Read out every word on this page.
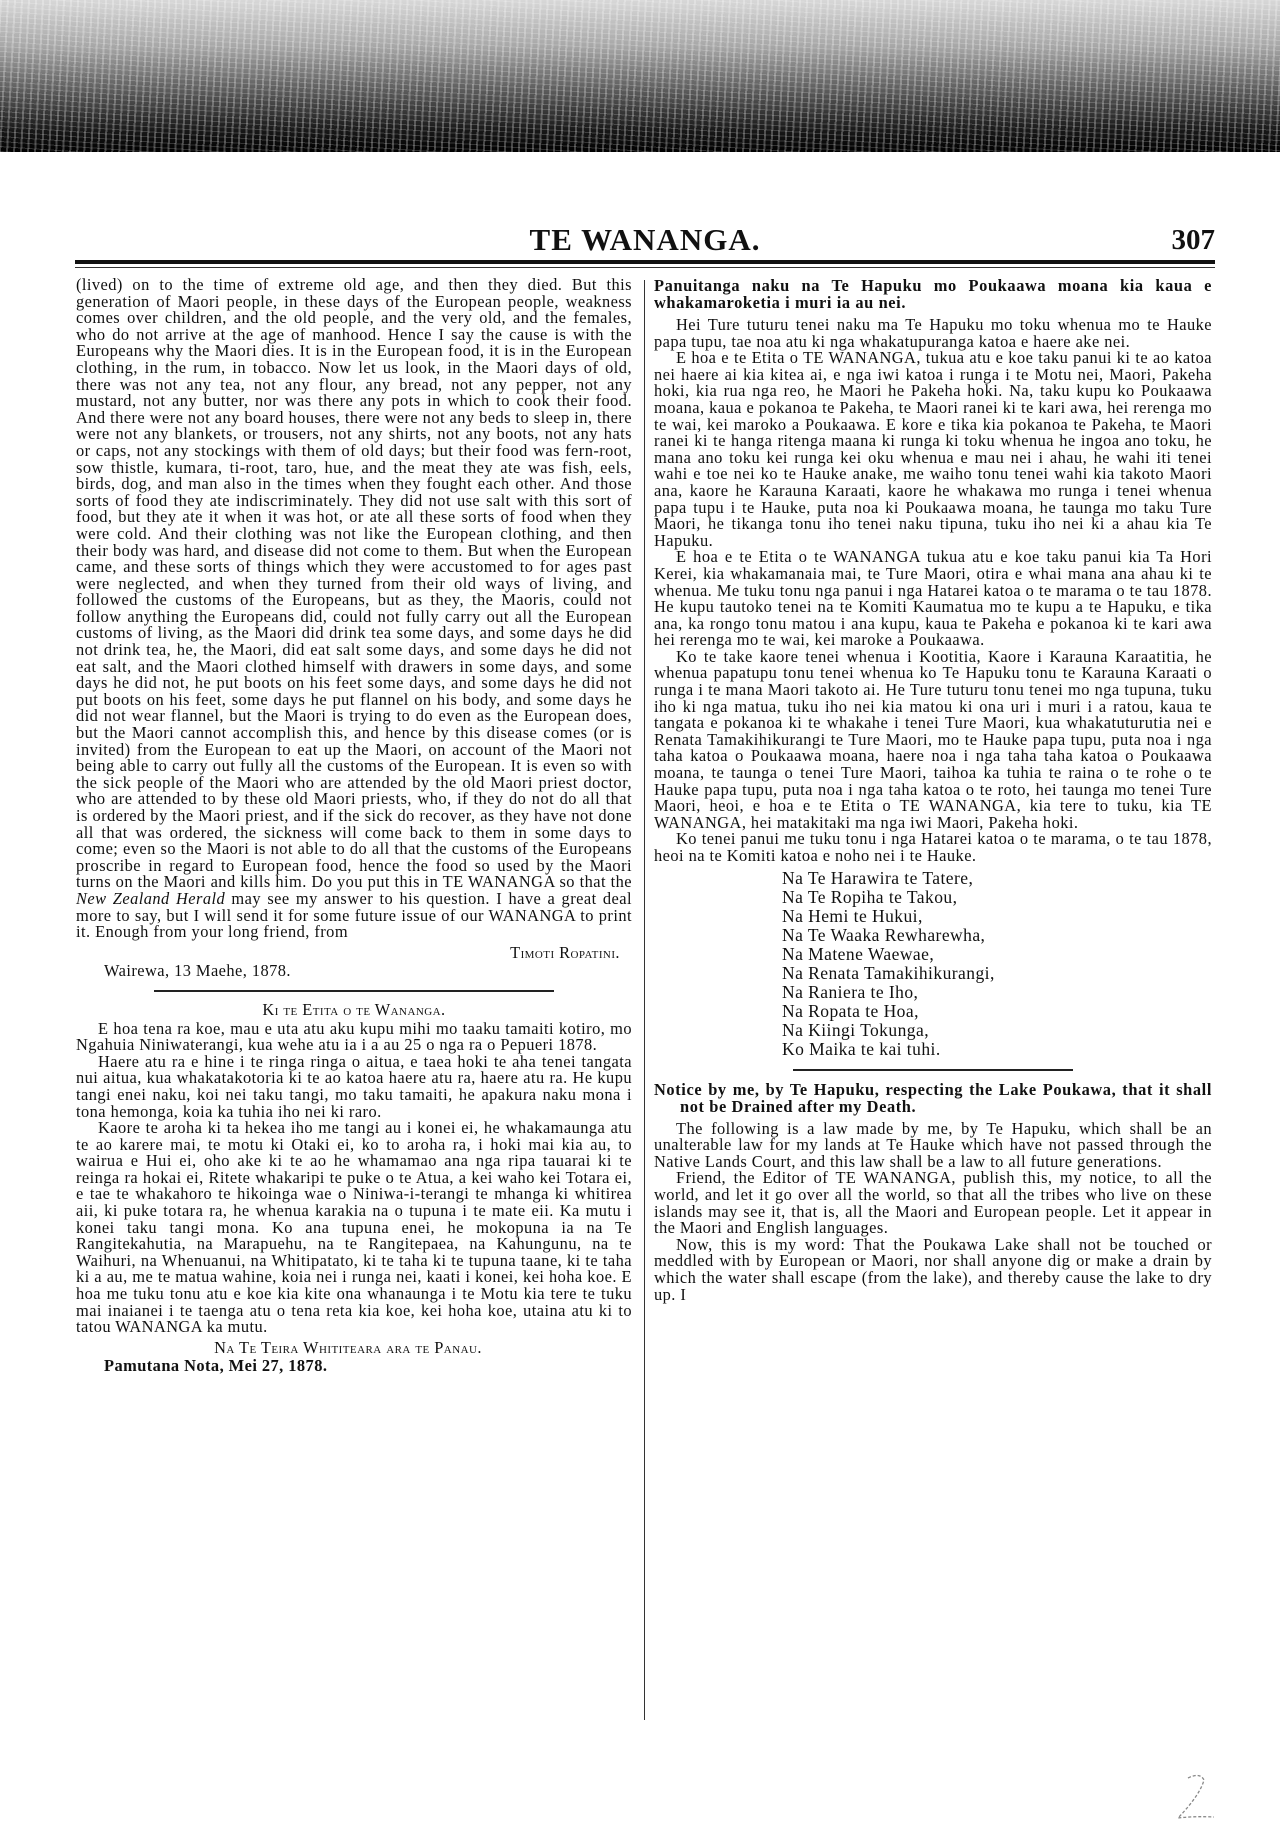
TE WANANGA.	307

(lived) on to the time of extreme old age, and then they died. But this generation of Maori people, in these days of the European people, weakness comes over children, and the old people, and the very old, and the females, who do not arrive at the age of manhood. Hence I say the cause is with the Europeans why the Maori dies. It is in the European food, it is in the European clothing, in the rum, in tobacco. Now let us look, in the Maori days of old, there was not any tea, not any flour, any bread, not any pepper, not any mustard, not any butter, nor was there any pots in which to cook their food. And there were not any board houses, there were not any beds to sleep in, there were not any blankets, or trousers, not any shirts, not any boots, not any hats or caps, not any stockings with them of old days; but their food was fern-root, sow thistle, kumara, ti-root, taro, hue, and the meat they ate was fish, eels, birds, dog, and man also in the times when they fought each other. And those sorts of food they ate indiscriminately. They did not use salt with this sort of food, but they ate it when it was hot, or ate all these sorts of food when they were cold. And their clothing was not like the European clothing, and then their body was hard, and disease did not come to them. But when the European came, and these sorts of things which they were accustomed to for ages past were neglected, and when they turned from their old ways of living, and followed the customs of the Europeans, but as they, the Maoris, could not follow anything the Europeans did, could not fully carry out all the European customs of living, as the Maori did drink tea some days, and some days he did not drink tea, he, the Maori, did eat salt some days, and some days he did not eat salt, and the Maori clothed himself with drawers in some days, and some days he did not, he put boots on his feet some days, and some days he did not put boots on his feet, some days he put flannel on his body, and some days he did not wear flannel, but the Maori is trying to do even as the European does, but the Maori cannot accomplish this, and hence by this disease comes (or is invited) from the European to eat up the Maori, on account of the Maori not being able to carry out fully all the customs of the European. It is even so with the sick people of the Maori who are attended by the old Maori priest doctor, who are attended to by these old Maori priests, who, if they do not do all that is ordered by the Maori priest, and if the sick do recover, as they have not done all that was ordered, the sickness will come back to them in some days to come; even so the Maori is not able to do all that the customs of the Europeans proscribe in regard to European food, hence the food so used by the Maori turns on the Maori and kills him. Do you put this in TE WANANGA so that the New Zealand Herald may see my answer to his question. I have a great deal more to say, but I will send it for some future issue of our WANANGA to print it. Enough from your long friend, from

Timoti Ropatini.

Wairewa, 13 Maehe, 1878.

Ki te Etita o te Wananga.

E hoa tena ra koe, mau e uta atu aku kupu mihi mo taaku tamaiti kotiro, mo Ngahuia Niniwaterangi, kua wehe atu ia i a au 25 o nga ra o Pepueri 1878.

Haere atu ra e hine i te ringa ringa o aitua, e taea hoki te aha tenei tangata nui aitua, kua whakatakotoria ki te ao katoa haere atu ra, haere atu ra. He kupu tangi enei naku, koi nei taku tangi, mo taku tamaiti, he apakura naku mona i tona hemonga, koia ka tuhia iho nei ki raro.

Kaore te aroha ki ta hekea iho me tangi au i konei ei, he whakamaunga atu te ao karere mai, te motu ki Otaki ei, ko to aroha ra, i hoki mai kia au, to wairua e Hui ei, oho ake ki te ao he whamamao ana nga ripa tauarai ki te reinga ra hokai ei, Ritete whakaripi te puke o te Atua, a kei waho kei Totara ei, e tae te whakahoro te hikoinga wae o Niniwa-i-terangi te mhanga ki whitirea aii, ki puke totara ra, he whenua karakia na o tupuna i te mate eii. Ka mutu i konei taku tangi mona. Ko ana tupuna enei, he mokopuna ia na Te Rangitekahutia, na Marapuehu, na te Rangitepaea, na Kahungunu, na te Waihuri, na Whenuanui, na Whitipatato, ki te taha ki te tupuna taane, ki te taha ki a au, me te matua wahine, koia nei i runga nei, kaati i konei, kei hoha koe. E hoa me tuku tonu atu e koe kia kite ona whanaunga i te Motu kia tere te tuku mai inaianei i te taenga atu o tena reta kia koe, kei hoha koe, utaina atu ki to tatou WANANGA ka mutu.

Na Te Teira Whititeara ara te Panau.

Pamutana Nota, Mei 27, 1878.

Panuitanga naku na Te Hapuku mo Poukaawa moana kia kaua e whakamaroketia i muri ia au nei.

Hei Ture tuturu tenei naku ma Te Hapuku mo toku whenua mo te Hauke papa tupu, tae noa atu ki nga whakatupuranga katoa e haere ake nei.

E hoa e te Etita o TE WANANGA, tukua atu e koe taku panui ki te ao katoa nei haere ai kia kitea ai, e nga iwi katoa i runga i te Motu nei, Maori, Pakeha hoki, kia rua nga reo, he Maori he Pakeha hoki. Na, taku kupu ko Poukaawa moana, kaua e pokanoa te Pakeha, te Maori ranei ki te kari awa, hei rerenga mo te wai, kei maroko a Poukaawa. E kore e tika kia pokanoa te Pakeha, te Maori ranei ki te hanga ritenga maana ki runga ki toku whenua he ingoa ano toku, he mana ano toku kei runga kei oku whenua e mau nei i ahau, he wahi iti tenei wahi e toe nei ko te Hauke anake, me waiho tonu tenei wahi kia takoto Maori ana, kaore he Karauna Karaati, kaore he whakawa mo runga i tenei whenua papa tupu i te Hauke, puta noa ki Poukaawa moana, he taunga mo taku Ture Maori, he tikanga tonu iho tenei naku tipuna, tuku iho nei ki a ahau kia Te Hapuku.

E hoa e te Etita o te WANANGA tukua atu e koe taku panui kia Ta Hori Kerei, kia whakamanaia mai, te Ture Maori, otira e whai mana ana ahau ki te whenua. Me tuku tonu nga panui i nga Hatarei katoa o te marama o te tau 1878. He kupu tautoko tenei na te Komiti Kaumatua mo te kupu a te Hapuku, e tika ana, ka rongo tonu matou i ana kupu, kaua te Pakeha e pokanoa ki te kari awa hei rerenga mo te wai, kei maroke a Poukaawa.

Ko te take kaore tenei whenua i Kootitia, Kaore i Karauna Karaatitia, he whenua papatupu tonu tenei whenua ko Te Hapuku tonu te Karauna Karaati o runga i te mana Maori takoto ai. He Ture tuturu tonu tenei mo nga tupuna, tuku iho ki nga matua, tuku iho nei kia matou ki ona uri i muri i a ratou, kaua te tangata e pokanoa ki te whakahe i tenei Ture Maori, kua whakatuturutia nei e Renata Tamakihikurangi te Ture Maori, mo te Hauke papa tupu, puta noa i nga taha katoa o Poukaawa moana, haere noa i nga taha taha katoa o Poukaawa moana, te taunga o tenei Ture Maori, taihoa ka tuhia te raina o te rohe o te Hauke papa tupu, puta noa i nga taha katoa o te roto, hei taunga mo tenei Ture Maori, heoi, e hoa e te Etita o TE WANANGA, kia tere to tuku, kia TE WANANGA, hei matakitaki ma nga iwi Maori, Pakeha hoki.

Ko tenei panui me tuku tonu i nga Hatarei katoa o te marama, o te tau 1878, heoi na te Komiti katoa e noho nei i te Hauke.

Na Te Harawira te Tatere,
Na Te Ropiha te Takou,
Na Hemi te Hukui,
Na Te Waaka Rewharewha,
Na Matene Waewae,
Na Renata Tamakihikurangi,
Na Raniera te Iho,
Na Ropata te Hoa,
Na Kiingi Tokunga,
Ko Maika te kai tuhi.

Notice by me, by Te Hapuku, respecting the Lake Poukawa, that it shall not be Drained after my Death.

The following is a law made by me, by Te Hapuku, which shall be an unalterable law for my lands at Te Hauke which have not passed through the Native Lands Court, and this law shall be a law to all future generations.

Friend, the Editor of TE WANANGA, publish this, my notice, to all the world, and let it go over all the world, so that all the tribes who live on these islands may see it, that is, all the Maori and European people. Let it appear in the Maori and English languages.

Now, this is my word: That the Poukawa Lake shall not be touched or meddled with by European or Maori, nor shall anyone dig or make a drain by which the water shall escape (from the lake), and thereby cause the lake to dry up. I
